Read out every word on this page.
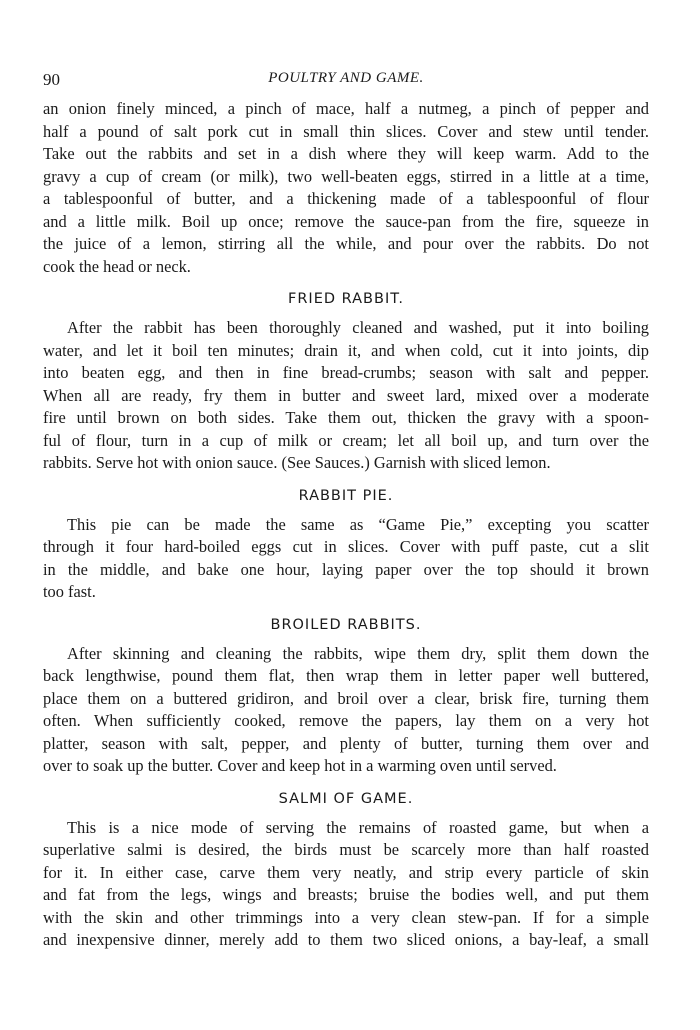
90	POULTRY AND GAME.
an onion finely minced, a pinch of mace, half a nutmeg, a pinch of pepper and
half a pound of salt pork cut in small thin slices. Cover and stew until tender.
Take out the rabbits and set in a dish where they will keep warm. Add to the
gravy a cup of cream (or milk), two well-beaten eggs, stirred in a little at a time,
a tablespoonful of butter, and a thickening made of a tablespoonful of flour
and a little milk. Boil up once; remove the sauce-pan from the fire, squeeze in
the juice of a lemon, stirring all the while, and pour over the rabbits. Do not
cook the head or neck.
FRIED RABBIT.
After the rabbit has been thoroughly cleaned and washed, put it into boiling
water, and let it boil ten minutes; drain it, and when cold, cut it into joints, dip
into beaten egg, and then in fine bread-crumbs; season with salt and pepper.
When all are ready, fry them in butter and sweet lard, mixed over a moderate
fire until brown on both sides. Take them out, thicken the gravy with a spoon-
ful of flour, turn in a cup of milk or cream; let all boil up, and turn over the
rabbits. Serve hot with onion sauce. (See Sauces.) Garnish with sliced lemon.
RABBIT PIE.
This pie can be made the same as “Game Pie,” excepting you scatter
through it four hard-boiled eggs cut in slices. Cover with puff paste, cut a slit
in the middle, and bake one hour, laying paper over the top should it brown
too fast.
BROILED RABBITS.
After skinning and cleaning the rabbits, wipe them dry, split them down the
back lengthwise, pound them flat, then wrap them in letter paper well buttered,
place them on a buttered gridiron, and broil over a clear, brisk fire, turning them
often. When sufficiently cooked, remove the papers, lay them on a very hot
platter, season with salt, pepper, and plenty of butter, turning them over and
over to soak up the butter. Cover and keep hot in a warming oven until served.
SALMI OF GAME.
This is a nice mode of serving the remains of roasted game, but when a
superlative salmi is desired, the birds must be scarcely more than half roasted
for it. In either case, carve them very neatly, and strip every particle of skin
and fat from the legs, wings and breasts; bruise the bodies well, and put them
with the skin and other trimmings into a very clean stew-pan. If for a simple
and inexpensive dinner, merely add to them two sliced onions, a bay-leaf, a small
